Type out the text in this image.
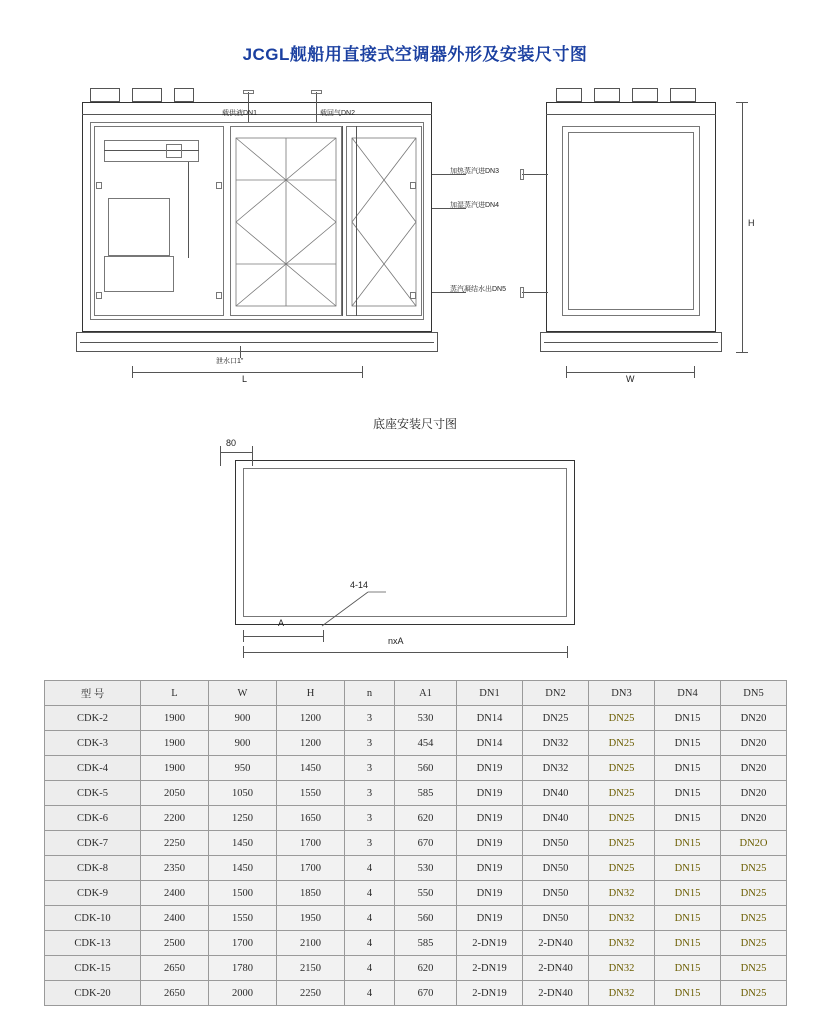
JCGL舰船用直接式空调器外形及安装尺寸图
载供液DN1	载回气DN2
加热蒸汽进DN3
加湿蒸汽进DN4
蒸汽凝结水出DN5
泄水口1"
L
H
W
底座安装尺寸图
80
4-14
A
nxA
型 号	L	W	H	n	A1	DN1	DN2	DN3	DN4	DN5
CDK-2	1900	900	1200	3	530	DN14	DN25	DN25	DN15	DN20
CDK-3	1900	900	1200	3	454	DN14	DN32	DN25	DN15	DN20
CDK-4	1900	950	1450	3	560	DN19	DN32	DN25	DN15	DN20
CDK-5	2050	1050	1550	3	585	DN19	DN40	DN25	DN15	DN20
CDK-6	2200	1250	1650	3	620	DN19	DN40	DN25	DN15	DN20
CDK-7	2250	1450	1700	3	670	DN19	DN50	DN25	DN15	DN2O
CDK-8	2350	1450	1700	4	530	DN19	DN50	DN25	DN15	DN25
CDK-9	2400	1500	1850	4	550	DN19	DN50	DN32	DN15	DN25
CDK-10	2400	1550	1950	4	560	DN19	DN50	DN32	DN15	DN25
CDK-13	2500	1700	2100	4	585	2-DN19	2-DN40	DN32	DN15	DN25
CDK-15	2650	1780	2150	4	620	2-DN19	2-DN40	DN32	DN15	DN25
CDK-20	2650	2000	2250	4	670	2-DN19	2-DN40	DN32	DN15	DN25
